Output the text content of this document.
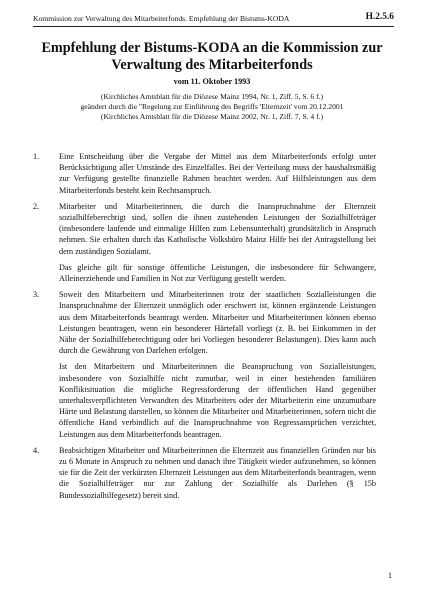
Kommission zur Verwaltung des Mitarbeiterfonds. Empfehlung der Bistums-KODA	H.2.5.6
Empfehlung der Bistums-KODA an die Kommission zur
Verwaltung des Mitarbeiterfonds
vom 11. Oktober 1993
(Kirchliches Amtsblatt für die Diözese Mainz 1994, Nr. 1, Ziff. 5, S. 6 f.)
geändert durch die "Regelung zur Einführung des Begriffs 'Elternzeit' vom 20.12.2001
(Kirchliches Amtsblatt für die Diözese Mainz 2002, Nr. 1, Ziff. 7, S. 4 f.)
1. Eine Entscheidung über die Vergabe der Mittel aus dem Mitarbeiterfonds erfolgt unter Berücksichtigung aller Umstände des Einzelfalles. Bei der Verteilung muss der haushaltsmäßig zur Verfügung gestellte finanzielle Rahmen beachtet werden. Auf Hilfsleistungen aus dem Mitarbeiterfonds besteht kein Rechtsanspruch.

2. Mitarbeiter und Mitarbeiterinnen, die durch die Inanspruchnahme der Elternzeit sozialhilfeberechtigt sind, sollen die ihnen zustehenden Leistungen der Sozialhilfeträger (insbesondere laufende und einmalige Hilfen zum Lebensunterhalt) grundsätzlich in Anspruch nehmen. Sie erhalten durch das Katholische Volksbüro Mainz Hilfe bei der Antragstellung bei dem zuständigen Sozialamt.

Das gleiche gilt für sonstige öffentliche Leistungen, die insbesondere für Schwangere, Alleinerziehende und Familien in Not zur Verfügung gestellt werden.

3. Soweit den Mitarbeitern und Mitarbeiterinnen trotz der staatlichen Sozialleistungen die Inanspruchnahme der Elternzeit unmöglich oder erschwert ist, können ergänzende Leistungen aus dem Mitarbeiterfonds beantragt werden. Mitarbeiter und Mitarbeiterinnen können ebenso Leistungen beantragen, wenn ein besonderer Härtefall vorliegt (z. B. bei Einkommen in der Nähe der Sozialhilfeberechtigung oder bei Vorliegen besonderer Belastungen). Dies kann auch durch die Gewährung von Darlehen erfolgen.

Ist den Mitarbeitern und Mitarbeiterinnen die Beanspruchung von Sozialleistungen, insbesondere von Sozialhilfe nicht zumutbar, weil in einer bestehenden familiären Konfliktsituation die mögliche Regressforderung der öffentlichen Hand gegenüber unterhaltsverpflichteten Verwandten des Mitarbeiters oder der Mitarbeiterin eine unzumutbare Härte und Belastung darstellen, so können die Mitarbeiter und Mitarbeiterinnen, sofern nicht die öffentliche Hand verbindlich auf die Inanspruchnahme von Regressansprüchen verzichtet, Leistungen aus dem Mitarbeiterfonds beantragen.

4. Beabsichtigen Mitarbeiter und Mitarbeiterinnen die Elternzeit aus finanziellen Gründen nur bis zu 6 Monate in Anspruch zu nehmen und danach ihre Tätigkeit wieder aufzunehmen, so können sie für die Zeit der verkürzten Elternzeit Leistungen aus dem Mitarbeiterfonds beantragen, wenn die Sozialhilfeträger nur zur Zahlung der Sozialhilfe als Darlehen (§ 15b Bundessozialhilfegesetz) bereit sind.

1
